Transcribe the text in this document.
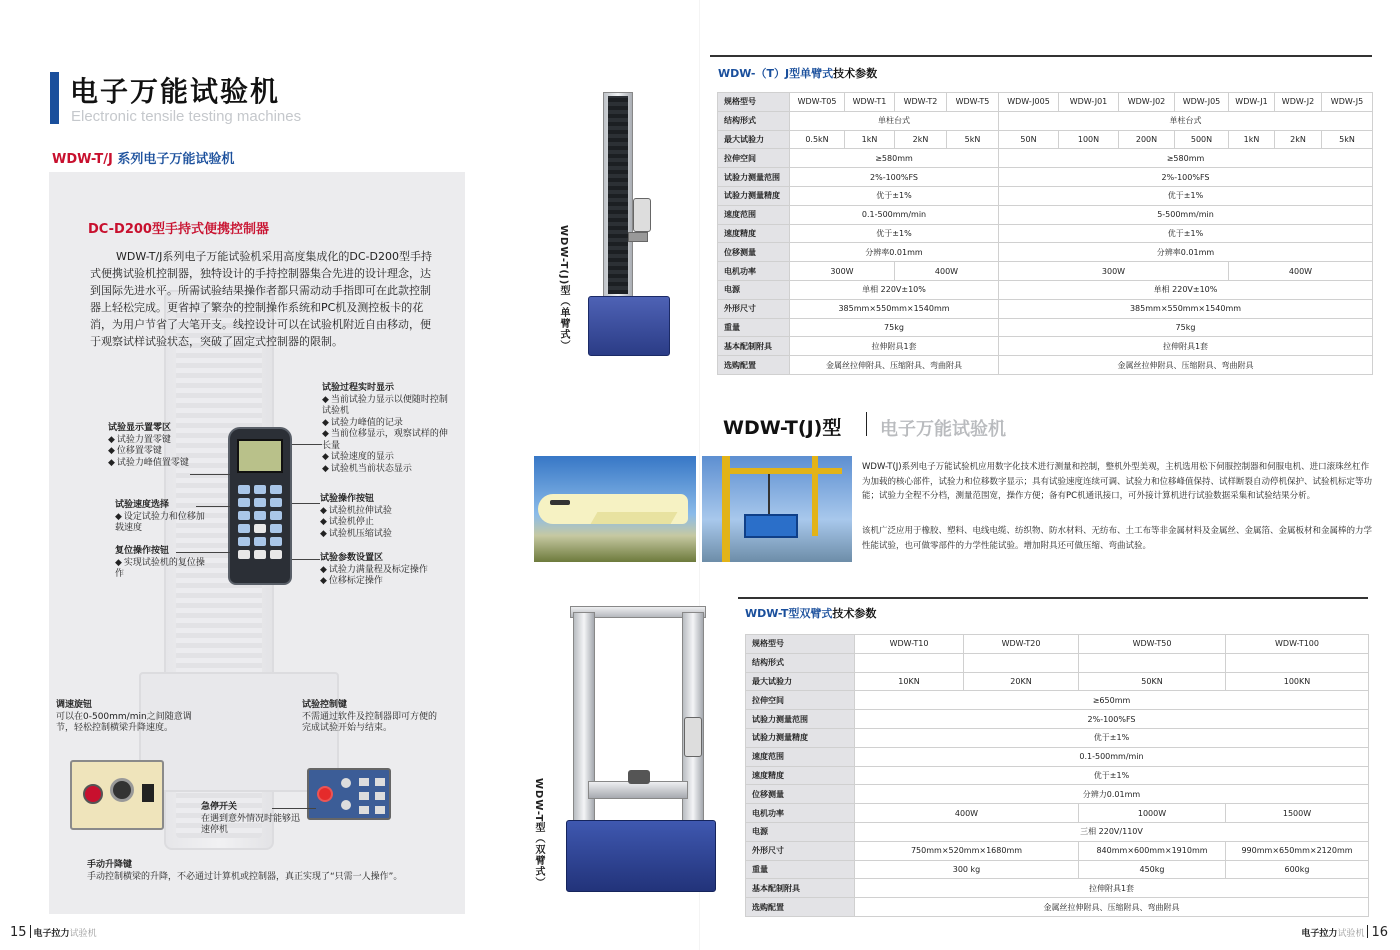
电子万能试验机
Electronic tensile testing machines
WDW-T/J 系列电子万能试验机
DC-D200型手持式便携控制器
WDW-T/J系列电子万能试验机采用高度集成化的DC-D200型手持式便携试验机控制器，独特设计的手持控制器集合先进的设计理念，达到国际先进水平。所需试验结果操作者都只需动动手指即可在此款控制器上轻松完成。更省掉了繁杂的控制操作系统和PC机及测控板卡的花消，为用户节省了大笔开支。线控设计可以在试验机附近自由移动，便于观察试样试验状态，突破了固定式控制器的限制。
试验过程实时显示
◆ 当前试验力显示以便随时控制试验机
◆ 试验力峰值的记录
◆ 当前位移显示，观察试样的伸长量
◆ 试验速度的显示
◆ 试验机当前状态显示
试验显示置零区
◆ 试验力置零键
◆ 位移置零键
◆ 试验力峰值置零键
试验速度选择
◆ 设定试验力和位移加载速度
复位操作按钮
◆ 实现试验机的复位操作
试验操作按钮
◆ 试验机拉伸试验
◆ 试验机停止
◆ 试验机压缩试验
试验参数设置区
◆ 试验力满量程及标定操作
◆ 位移标定操作
调速旋钮
可以在0-500mm/min之间随意调节，轻松控制横梁升降速度。
试验控制键
不需通过软件及控制器即可方便的完成试验开始与结束。
急停开关
在遇到意外情况时能够迅速停机
手动升降键
手动控制横梁的升降，不必通过计算机或控制器，真正实现了“只需一人操作”。
15 电子拉力试验机
WDW-T(J)型（单臂式）
WDW-（T）J型单臂式技术参数
规格型号	WDW-T05	WDW-T1	WDW-T2	WDW-T5	WDW-J005	WDW-J01	WDW-J02	WDW-J05	WDW-J1	WDW-J2	WDW-J5
结构形式	单柱台式				单柱台式						
最大试验力	0.5kN	1kN	2kN	5kN	50N	100N	200N	500N	1kN	2kN	5kN
拉伸空间	≥580mm				≥580mm						
试验力测量范围	2%-100%FS				2%-100%FS						
试验力测量精度	优于±1%				优于±1%						
速度范围	0.1-500mm/min				5-500mm/min						
速度精度	优于±1%				优于±1%						
位移测量	分辨率0.01mm				分辨率0.01mm						
电机功率	300W		400W		300W				400W		
电源	单相 220V±10%				单相 220V±10%						
外形尺寸	385mm×550mm×1540mm				385mm×550mm×1540mm						
重量	75kg				75kg						
基本配制附具	拉伸附具1套				拉伸附具1套						
选购配置	金属丝拉伸附具、压缩附具、弯曲附具				金属丝拉伸附具、压缩附具、弯曲附具						
WDW-T(J)型 电子万能试验机
WDW-T(J)系列电子万能试验机应用数字化技术进行测量和控制，整机外型美观，主机选用松下伺服控制器和伺服电机、进口滚珠丝杠作为加载的核心部件，试验力和位移数字显示；具有试验速度连续可调、试验力和位移峰值保持、试样断裂自动停机保护、试验机标定等功能；试验力全程不分档，测量范围宽，操作方便；备有PC机通讯接口，可外接计算机进行试验数据采集和试验结果分析。
该机广泛应用于橡胶、塑料、电线电缆、纺织物、防水材料、无纺布、土工布等非金属材料及金属丝、金属箔、金属板材和金属棒的力学性能试验，也可做零部件的力学性能试验。增加附具还可做压缩、弯曲试验。
WDW-T型（双臂式）
WDW-T型双臂式技术参数
规格型号	WDW-T10	WDW-T20	WDW-T50	WDW-T100
结构形式				
最大试验力	10KN	20KN	50KN	100KN
拉伸空间	≥650mm			
试验力测量范围	2%-100%FS			
试验力测量精度	优于±1%			
速度范围	0.1-500mm/min			
速度精度	优于±1%			
位移测量	分辨力0.01mm			
电机功率	400W		1000W	1500W
电源	三相 220V/110V			
外形尺寸	750mm×520mm×1680mm		840mm×600mm×1910mm	990mm×650mm×2120mm
重量	300 kg		450kg	600kg
基本配制附具	拉伸附具1套			
选购配置	金属丝拉伸附具、压缩附具、弯曲附具			
电子拉力试验机 16
